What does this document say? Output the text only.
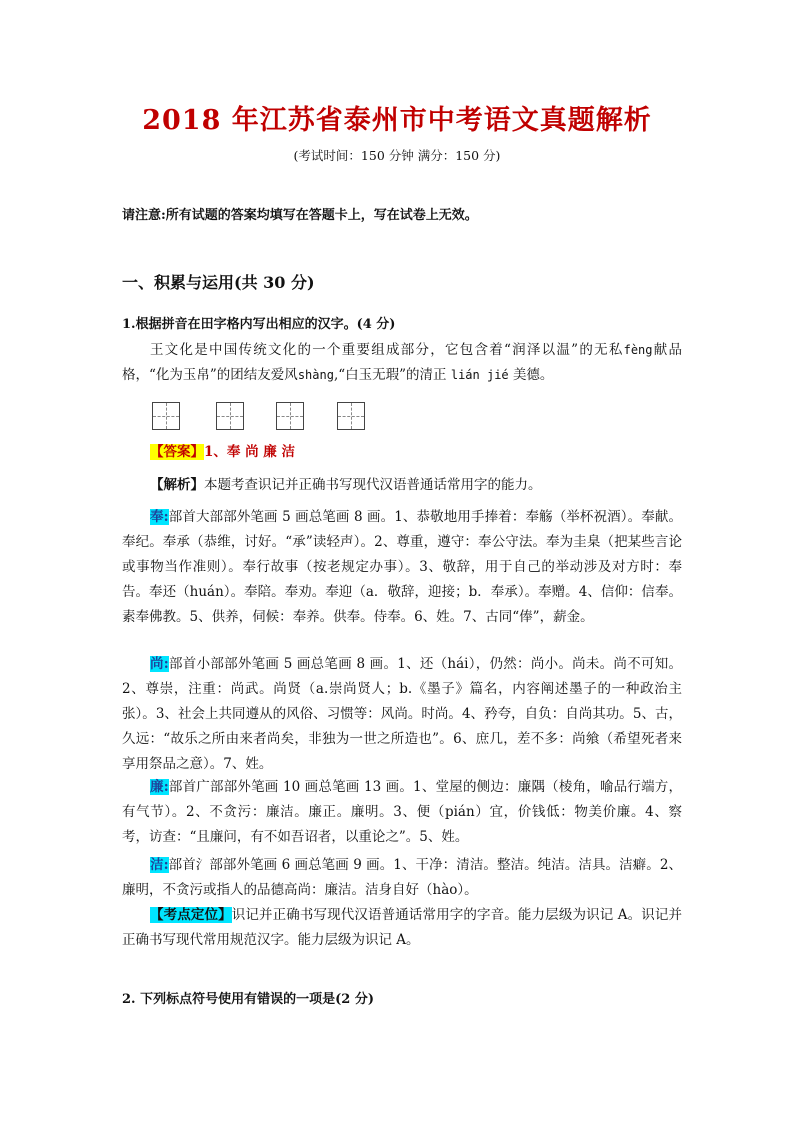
2018 年江苏省泰州市中考语文真题解析
(考试时间：150 分钟 满分：150 分)
请注意:所有试题的答案均填写在答题卡上，写在试卷上无效。
一、积累与运用(共 30 分)
1.根据拼音在田字格内写出相应的汉字。(4 分)
王文化是中国传统文化的一个重要组成部分，它包含着“润泽以温”的无私fèng献品格，“化为玉帛”的团结友爱风shàng,“白玉无瑕”的清正 lián jié 美德。
【答案】1、奉 尚 廉 洁
【解析】本题考查识记并正确书写现代汉语普通话常用字的能力。
奉:部首大部部外笔画 5 画总笔画 8 画。1、恭敬地用手捧着：奉觞（举杯祝酒）。奉献。奉纪。奉承（恭维，讨好。“承”读轻声）。2、尊重，遵守：奉公守法。奉为圭臬（把某些言论或事物当作准则）。奉行故事（按老规定办事）。3、敬辞，用于自己的举动涉及对方时：奉告。奉还（huán）。奉陪。奉劝。奉迎（a．敬辞，迎接；b．奉承）。奉赠。4、信仰：信奉。素奉佛教。5、供养，伺候：奉养。供奉。侍奉。6、姓。7、古同“俸”，薪金。
尚:部首小部部外笔画 5 画总笔画 8 画。1、还（hái），仍然：尚小。尚未。尚不可知。2、尊崇，注重：尚武。尚贤（a.崇尚贤人；b.《墨子》篇名，内容阐述墨子的一种政治主张）。3、社会上共同遵从的风俗、习惯等：风尚。时尚。4、矜夸，自负：自尚其功。5、古，久远：“故乐之所由来者尚矣，非独为一世之所造也”。6、庶几，差不多：尚飨（希望死者来享用祭品之意）。7、姓。
廉:部首广部部外笔画 10 画总笔画 13 画。1、堂屋的侧边：廉隅（棱角，喻品行端方，有气节）。2、不贪污：廉洁。廉正。廉明。3、便（pián）宜，价钱低：物美价廉。4、察考，访查：“且廉问，有不如吾诏者，以重论之”。5、姓。
洁:部首氵部部外笔画 6 画总笔画 9 画。1、干净：清洁。整洁。纯洁。洁具。洁癖。2、廉明，不贪污或指人的品德高尚：廉洁。洁身自好（hào）。
【考点定位】识记并正确书写现代汉语普通话常用字的字音。能力层级为识记 A。识记并正确书写现代常用规范汉字。能力层级为识记 A。
2. 下列标点符号使用有错误的一项是(2 分)
